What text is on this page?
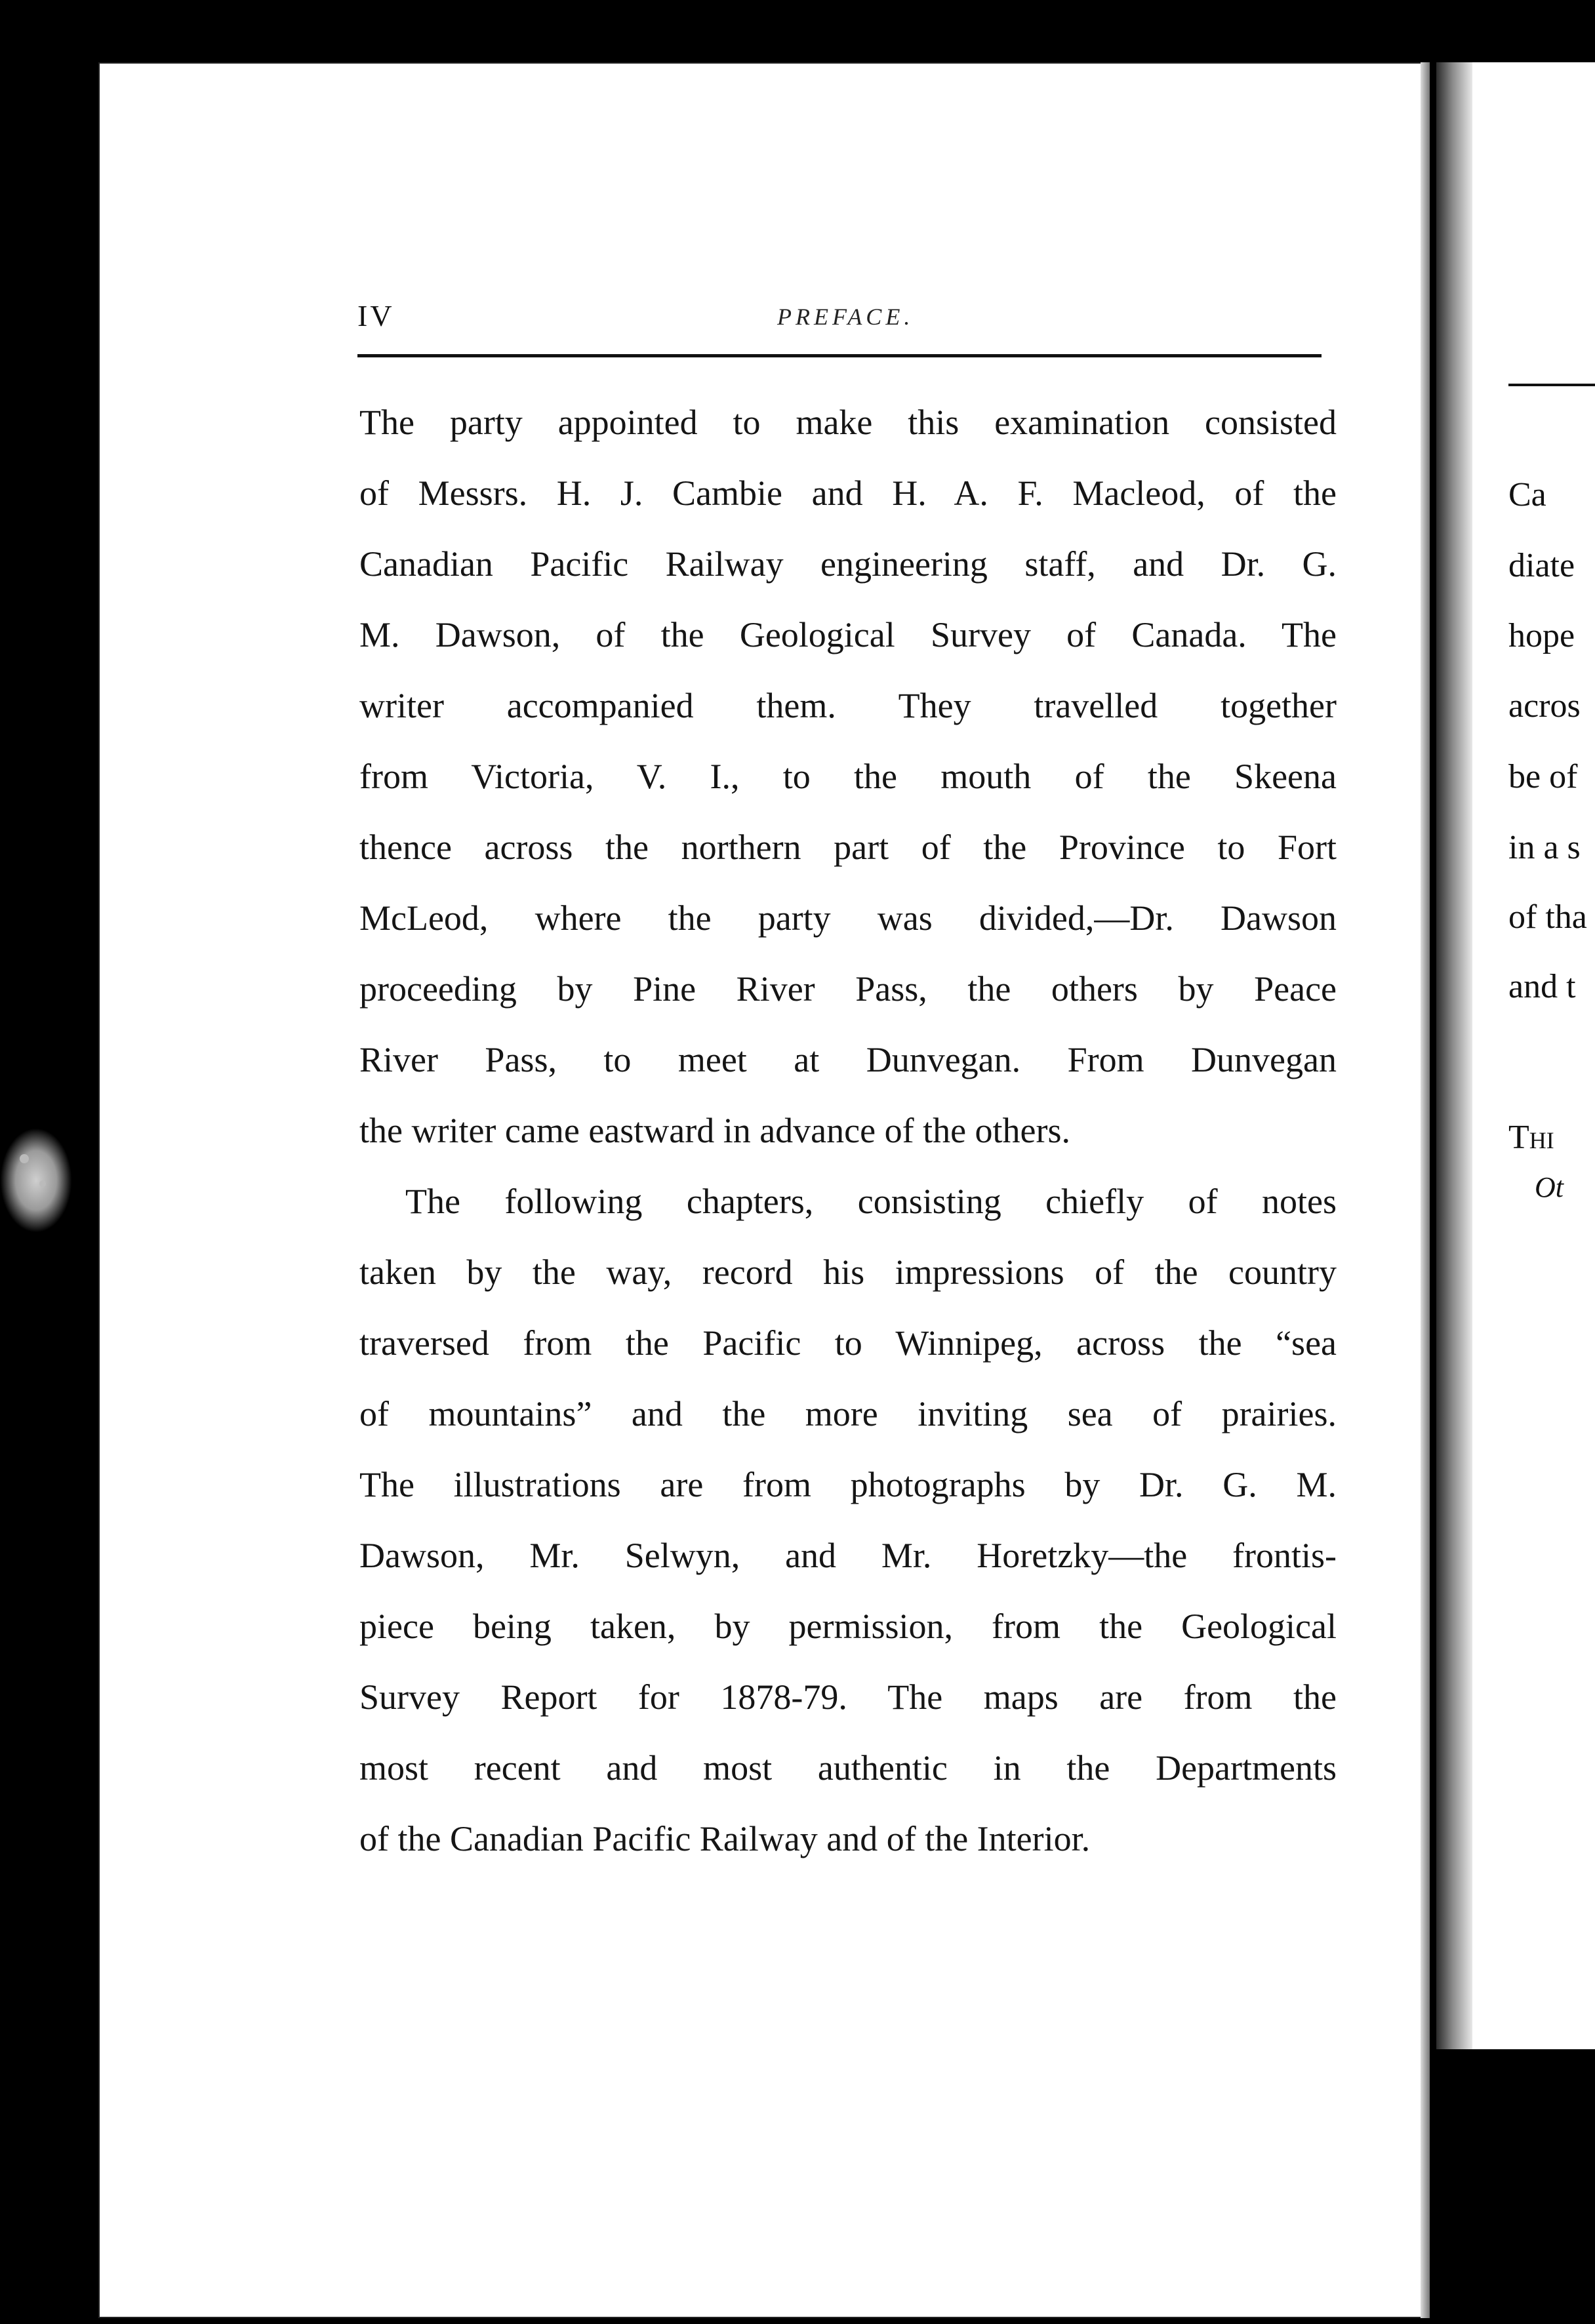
Ca
diate
hope
acros
be of
in a s
of tha
and t
Thi
Ot
IV	PREFACE.
The party appointed to make this examination consisted
of Messrs. H. J. Cambie and H. A. F. Macleod, of the
Canadian Pacific Railway engineering staff, and Dr. G.
M. Dawson, of the Geological Survey of Canada. The
writer accompanied them. They travelled together
from Victoria, V. I., to the mouth of the Skeena
thence across the northern part of the Province to Fort
McLeod, where the party was divided,—Dr. Dawson
proceeding by Pine River Pass, the others by Peace
River Pass, to meet at Dunvegan. From Dunvegan
the writer came eastward in advance of the others.
The following chapters, consisting chiefly of notes
taken by the way, record his impressions of the country
traversed from the Pacific to Winnipeg, across the “sea
of mountains” and the more inviting sea of prairies.
The illustrations are from photographs by Dr. G. M.
Dawson, Mr. Selwyn, and Mr. Horetzky—the frontis-
piece being taken, by permission, from the Geological
Survey Report for 1878-79. The maps are from the
most recent and most authentic in the Departments
of the Canadian Pacific Railway and of the Interior.
